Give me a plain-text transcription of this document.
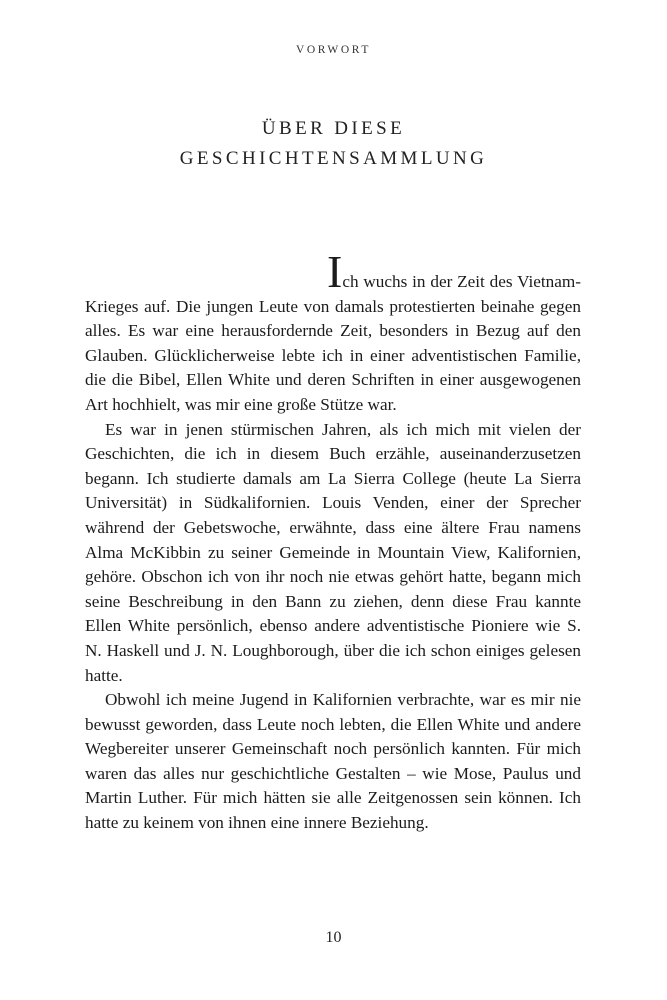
VORWORT
ÜBER DIESE
GESCHICHTENSAMMLUNG

Ich wuchs in der Zeit des Vietnam-Krieges auf. Die jungen Leute von damals protestierten beinahe gegen alles. Es war eine herausfordernde Zeit, besonders in Bezug auf den Glauben. Glücklicherweise lebte ich in einer adventistischen Familie, die die Bibel, Ellen White und deren Schriften in einer ausgewogenen Art hochhielt, was mir eine große Stütze war.

Es war in jenen stürmischen Jahren, als ich mich mit vielen der Geschichten, die ich in diesem Buch erzähle, auseinanderzusetzen begann. Ich studierte damals am La Sierra College (heute La Sierra Universität) in Südkalifornien. Louis Venden, einer der Sprecher während der Gebetswoche, erwähnte, dass eine ältere Frau namens Alma McKibbin zu seiner Gemeinde in Mountain View, Kalifornien, gehöre. Obschon ich von ihr noch nie etwas gehört hatte, begann mich seine Beschreibung in den Bann zu ziehen, denn diese Frau kannte Ellen White persönlich, ebenso andere adventistische Pioniere wie S. N. Haskell und J. N. Loughborough, über die ich schon einiges gelesen hatte.

Obwohl ich meine Jugend in Kalifornien verbrachte, war es mir nie bewusst geworden, dass Leute noch lebten, die Ellen White und andere Wegbereiter unserer Gemeinschaft noch persönlich kannten. Für mich waren das alles nur geschichtliche Gestalten – wie Mose, Paulus und Martin Luther. Für mich hätten sie alle Zeitgenossen sein können. Ich hatte zu keinem von ihnen eine innere Beziehung.

10
